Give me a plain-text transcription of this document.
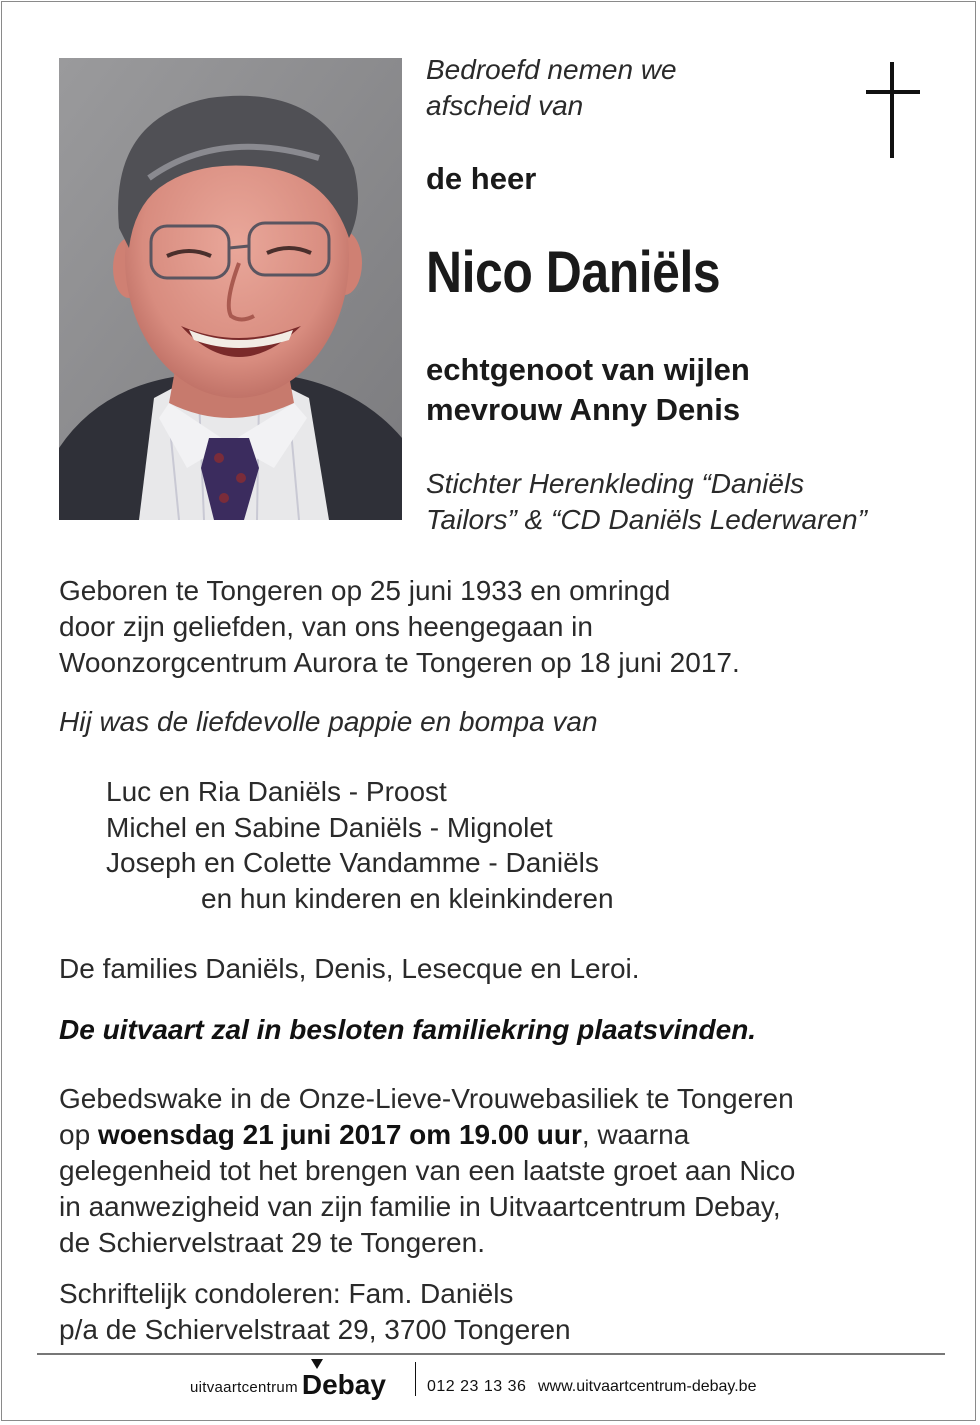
Bedroefd nemen we
afscheid van
de heer
Nico Daniëls
echtgenoot van wijlen
mevrouw Anny Denis
Stichter Herenkleding “Daniëls
Tailors” & “CD Daniëls Lederwaren”
Geboren te Tongeren op 25 juni 1933 en omringd
door zijn geliefden, van ons heengegaan in
Woonzorgcentrum Aurora te Tongeren op 18 juni 2017.
Hij was de liefdevolle pappie en bompa van
Luc en Ria Daniëls - Proost
Michel en Sabine Daniëls - Mignolet
Joseph en Colette Vandamme - Daniëls
en hun kinderen en kleinkinderen
De families Daniëls, Denis, Lesecque en Leroi.
De uitvaart zal in besloten familiekring plaatsvinden.
Gebedswake in de Onze-Lieve-Vrouwebasiliek te Tongeren
op woensdag 21 juni 2017 om 19.00 uur, waarna
gelegenheid tot het brengen van een laatste groet aan Nico
in aanwezigheid van zijn familie in Uitvaartcentrum Debay,
de Schiervelstraat 29 te Tongeren.
Schriftelijk condoleren: Fam. Daniëls
p/a de Schiervelstraat 29, 3700 Tongeren
uitvaartcentrum Debay	012 23 13 36 www.uitvaartcentrum-debay.be
